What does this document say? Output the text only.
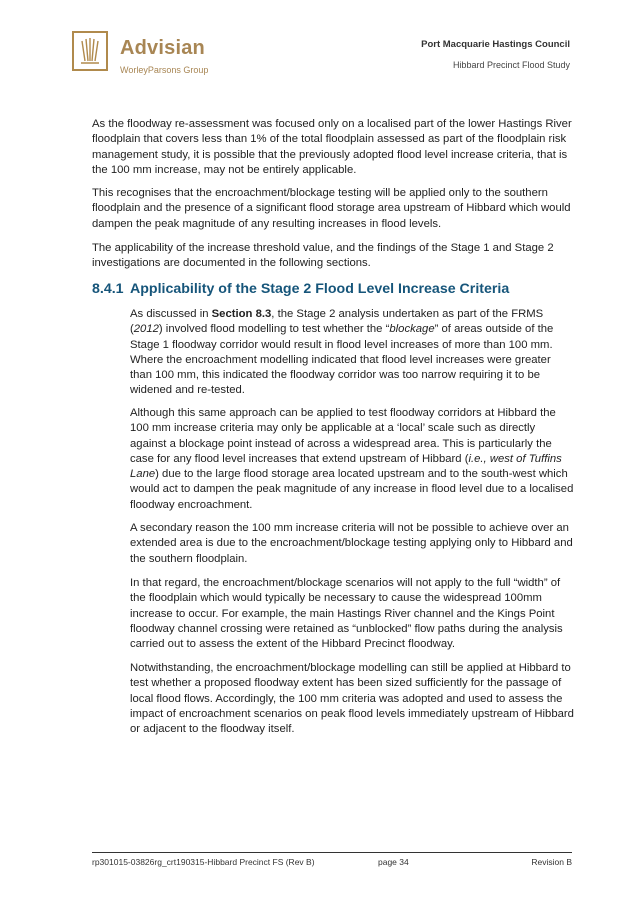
Advisian
WorleyParsons Group
Port Macquarie Hastings Council
Hibbard Precinct Flood Study

As the floodway re-assessment was focused only on a localised part of the lower Hastings River floodplain that covers less than 1% of the total floodplain assessed as part of the floodplain risk management study, it is possible that the previously adopted flood level increase criteria, that is the 100 mm increase, may not be entirely applicable.

This recognises that the encroachment/blockage testing will be applied only to the southern floodplain and the presence of a significant flood storage area upstream of Hibbard which would dampen the peak magnitude of any resulting increases in flood levels.

The applicability of the increase threshold value, and the findings of the Stage 1 and Stage 2 investigations are documented in the following sections.

8.4.1 Applicability of the Stage 2 Flood Level Increase Criteria

As discussed in Section 8.3, the Stage 2 analysis undertaken as part of the FRMS (2012) involved flood modelling to test whether the “blockage” of areas outside of the Stage 1 floodway corridor would result in flood level increases of more than 100 mm. Where the encroachment modelling indicated that flood level increases were greater than 100 mm, this indicated the floodway corridor was too narrow requiring it to be widened and re-tested.

Although this same approach can be applied to test floodway corridors at Hibbard the 100 mm increase criteria may only be applicable at a ‘local’ scale such as directly against a blockage point instead of across a widespread area. This is particularly the case for any flood level increases that extend upstream of Hibbard (i.e., west of Tuffins Lane) due to the large flood storage area located upstream and to the south-west which would act to dampen the peak magnitude of any increase in flood level due to a localised floodway encroachment.

A secondary reason the 100 mm increase criteria will not be possible to achieve over an extended area is due to the encroachment/blockage testing applying only to Hibbard and the southern floodplain.

In that regard, the encroachment/blockage scenarios will not apply to the full “width” of the floodplain which would typically be necessary to cause the widespread 100mm increase to occur. For example, the main Hastings River channel and the Kings Point floodway channel crossing were retained as “unblocked” flow paths during the analysis carried out to assess the extent of the Hibbard Precinct floodway.

Notwithstanding, the encroachment/blockage modelling can still be applied at Hibbard to test whether a proposed floodway extent has been sized sufficiently for the passage of local flood flows. Accordingly, the 100 mm criteria was adopted and used to assess the impact of encroachment scenarios on peak flood levels immediately upstream of Hibbard or adjacent to the floodway itself.

rp301015-03826rg_crt190315-Hibbard Precinct FS (Rev B)	page 34	Revision B
